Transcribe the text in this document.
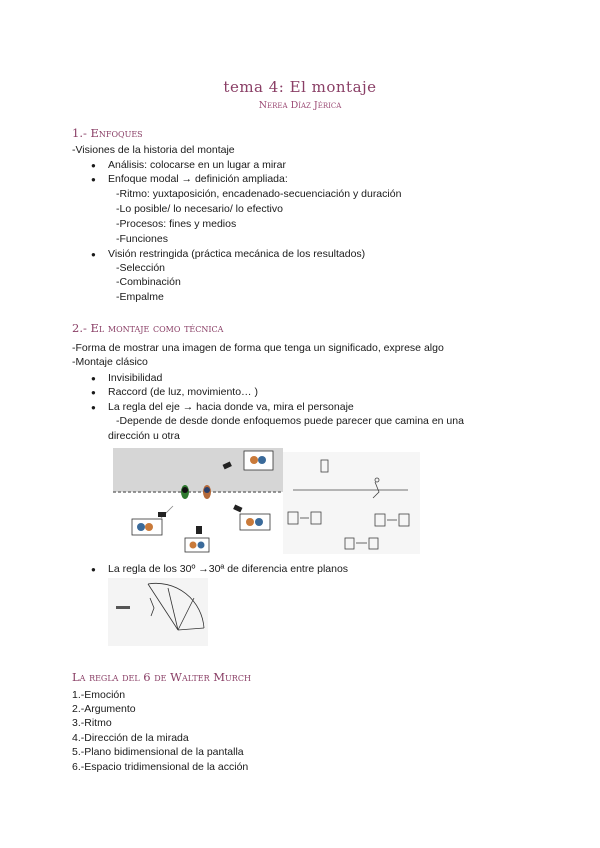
tema 4: El montaje
Nerea Díaz Jérica
1.- Enfoques
-Visiones de la historia del montaje
● Análisis: colocarse en un lugar a mirar
● Enfoque modal → definición ampliada:
-Ritmo: yuxtaposición, encadenado-secuenciación y duración
-Lo posible/ lo necesario/ lo efectivo
-Procesos: fines y medios
-Funciones
● Visión restringida (práctica mecánica de los resultados)
-Selección
-Combinación
-Empalme
2.- El montaje como técnica
-Forma de mostrar una imagen de forma que tenga un significado, exprese algo
-Montaje clásico
● Invisibilidad
● Raccord (de luz, movimiento… )
● La regla del eje → hacia donde va, mira el personaje
-Depende de desde donde enfoquemos puede parecer que camina en una
dirección u otra
● La regla de los 30º →30ª de diferencia entre planos
La regla del 6 de Walter Murch
1.-Emoción
2.-Argumento
3.-Ritmo
4.-Dirección de la mirada
5.-Plano bidimensional de la pantalla
6.-Espacio tridimensional de la acción
